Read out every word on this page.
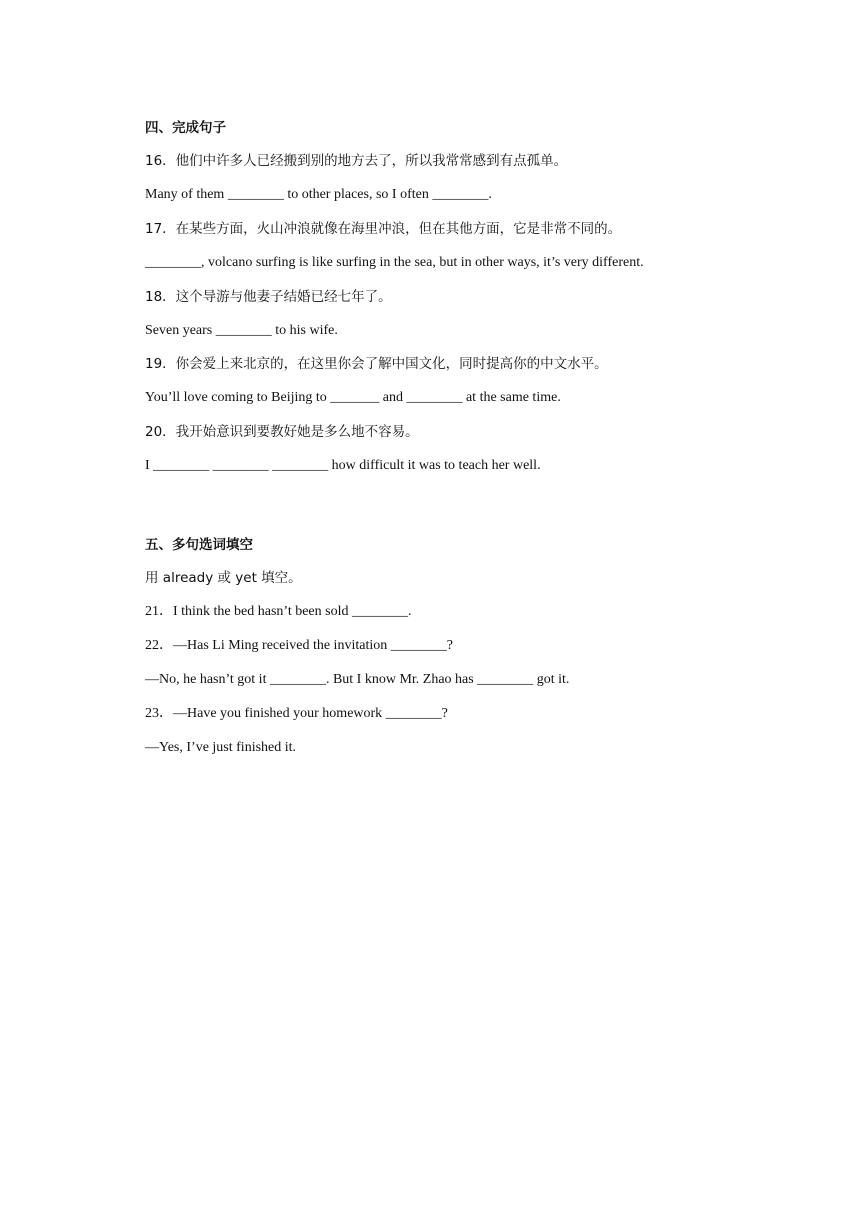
四、完成句子
16．他们中许多人已经搬到别的地方去了，所以我常常感到有点孤单。
Many of them ________ to other places, so I often ________.
17．在某些方面，火山冲浪就像在海里冲浪，但在其他方面，它是非常不同的。
________, volcano surfing is like surfing in the sea, but in other ways, it’s very different.
18．这个导游与他妻子结婚已经七年了。
Seven years ________ to his wife.
19．你会爱上来北京的，在这里你会了解中国文化，同时提高你的中文水平。
You’ll love coming to Beijing to _______ and ________ at the same time.
20．我开始意识到要教好她是多么地不容易。
I ________ ________ ________ how difficult it was to teach her well.
五、多句选词填空
用 already 或 yet 填空。
21．I think the bed hasn’t been sold ________.
22．—Has Li Ming received the invitation ________?
—No, he hasn’t got it ________. But I know Mr. Zhao has ________ got it.
23．—Have you finished your homework ________?
—Yes, I’ve just finished it.
